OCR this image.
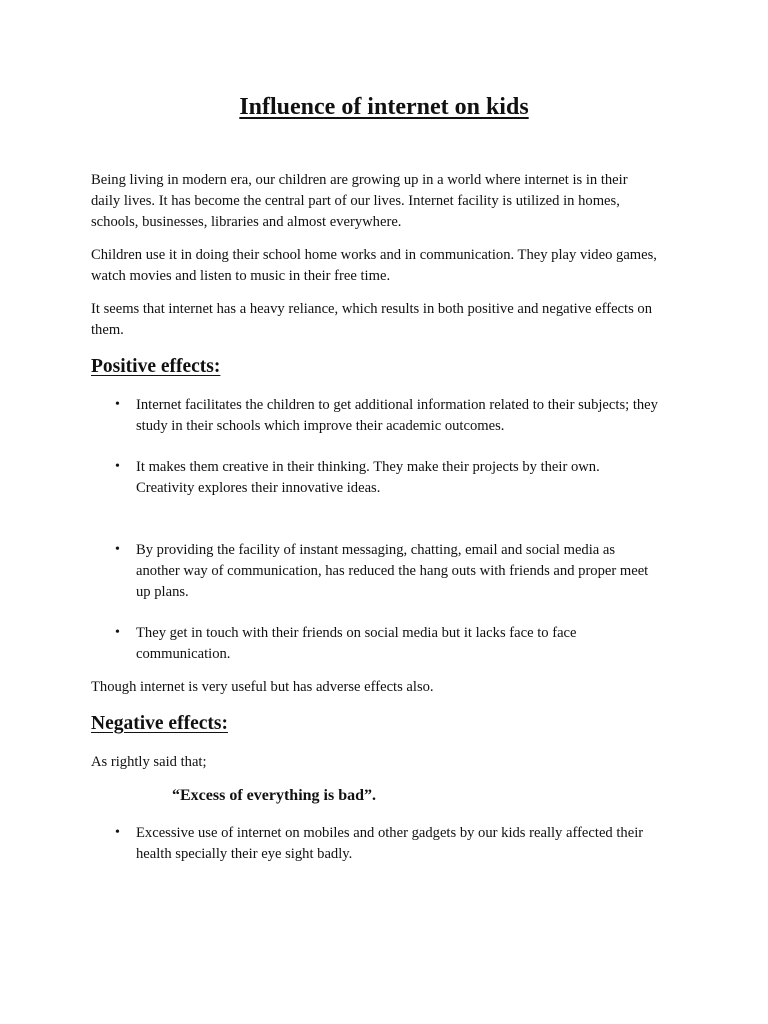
Influence of internet on kids
Being living in modern era, our children are growing up in a world where internet is in their
daily lives. It has become the central part of our lives. Internet facility is utilized in homes,
schools, businesses, libraries and almost everywhere.
Children use it in doing their school home works and in communication. They play video games,
watch movies and listen to music in their free time.
It seems that internet has a heavy reliance, which results in both positive and negative effects on
them.
Positive effects:
• Internet facilitates the children to get additional information related to their subjects; they
study in their schools which improve their academic outcomes.
• It makes them creative in their thinking. They make their projects by their own.
Creativity explores their innovative ideas.
• By providing the facility of instant messaging, chatting, email and social media as
another way of communication, has reduced the hang outs with friends and proper meet
up plans.
• They get in touch with their friends on social media but it lacks face to face
communication.
Though internet is very useful but has adverse effects also.
Negative effects:
As rightly said that;
“Excess of everything is bad”.
• Excessive use of internet on mobiles and other gadgets by our kids really affected their
health specially their eye sight badly.
